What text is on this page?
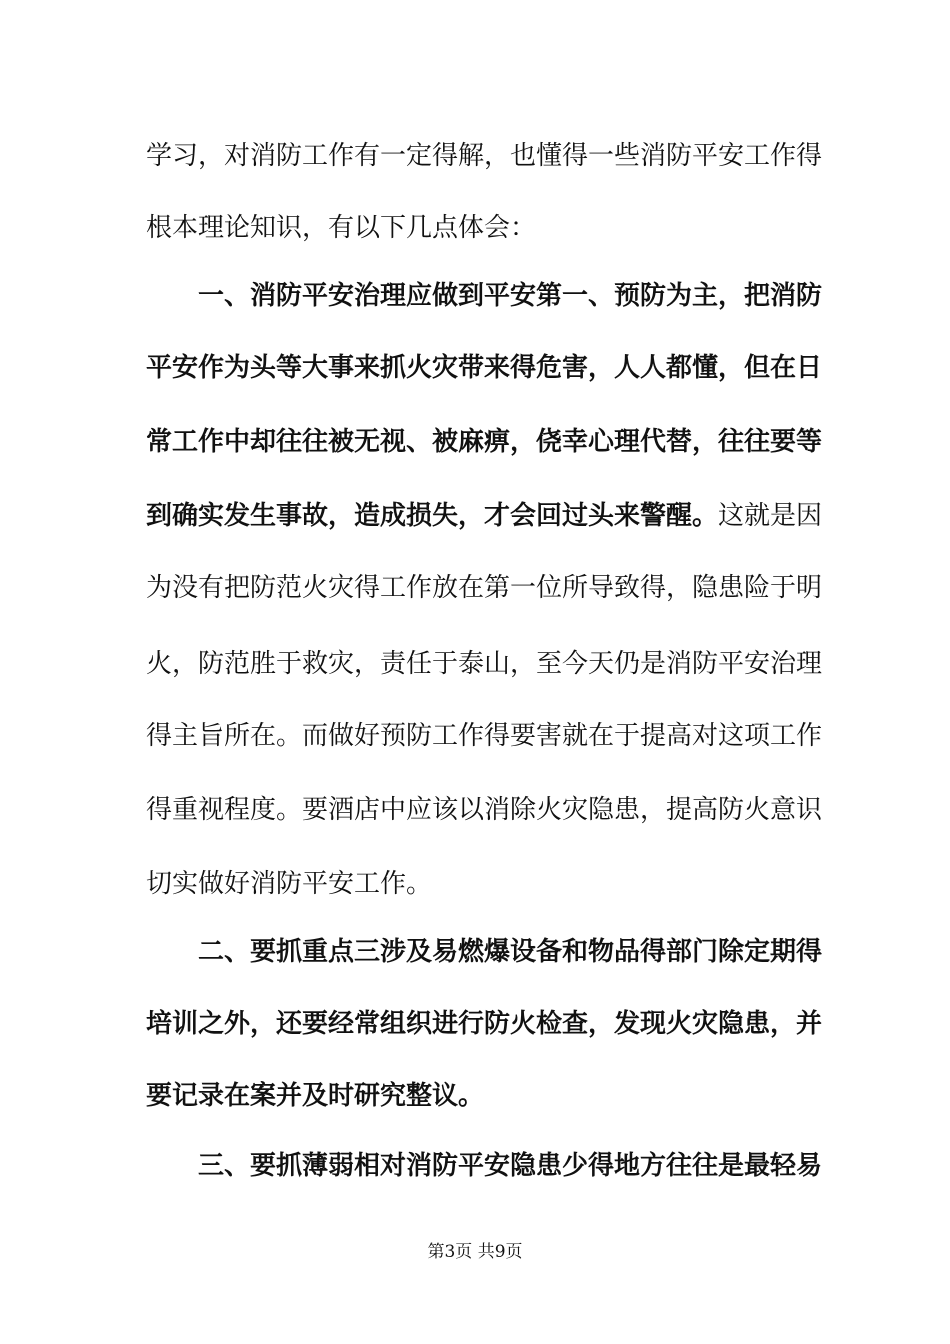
学习，对消防工作有一定得解，也懂得一些消防平安工作得
根本理论知识，有以下几点体会：
一、消防平安治理应做到平安第一、预防为主，把消防
平安作为头等大事来抓火灾带来得危害，人人都懂，但在日
常工作中却往往被无视、被麻痹，侥幸心理代替，往往要等
到确实发生事故，造成损失，才会回过头来警醒。这就是因
为没有把防范火灾得工作放在第一位所导致得，隐患险于明
火，防范胜于救灾，责任于泰山，至今天仍是消防平安治理
得主旨所在。而做好预防工作得要害就在于提高对这项工作
得重视程度。要酒店中应该以消除火灾隐患，提高防火意识
切实做好消防平安工作。
二、要抓重点三涉及易燃爆设备和物品得部门除定期得
培训之外，还要经常组织进行防火检查，发现火灾隐患，并
要记录在案并及时研究整议。
三、要抓薄弱相对消防平安隐患少得地方往往是最轻易
第3页 共9页
